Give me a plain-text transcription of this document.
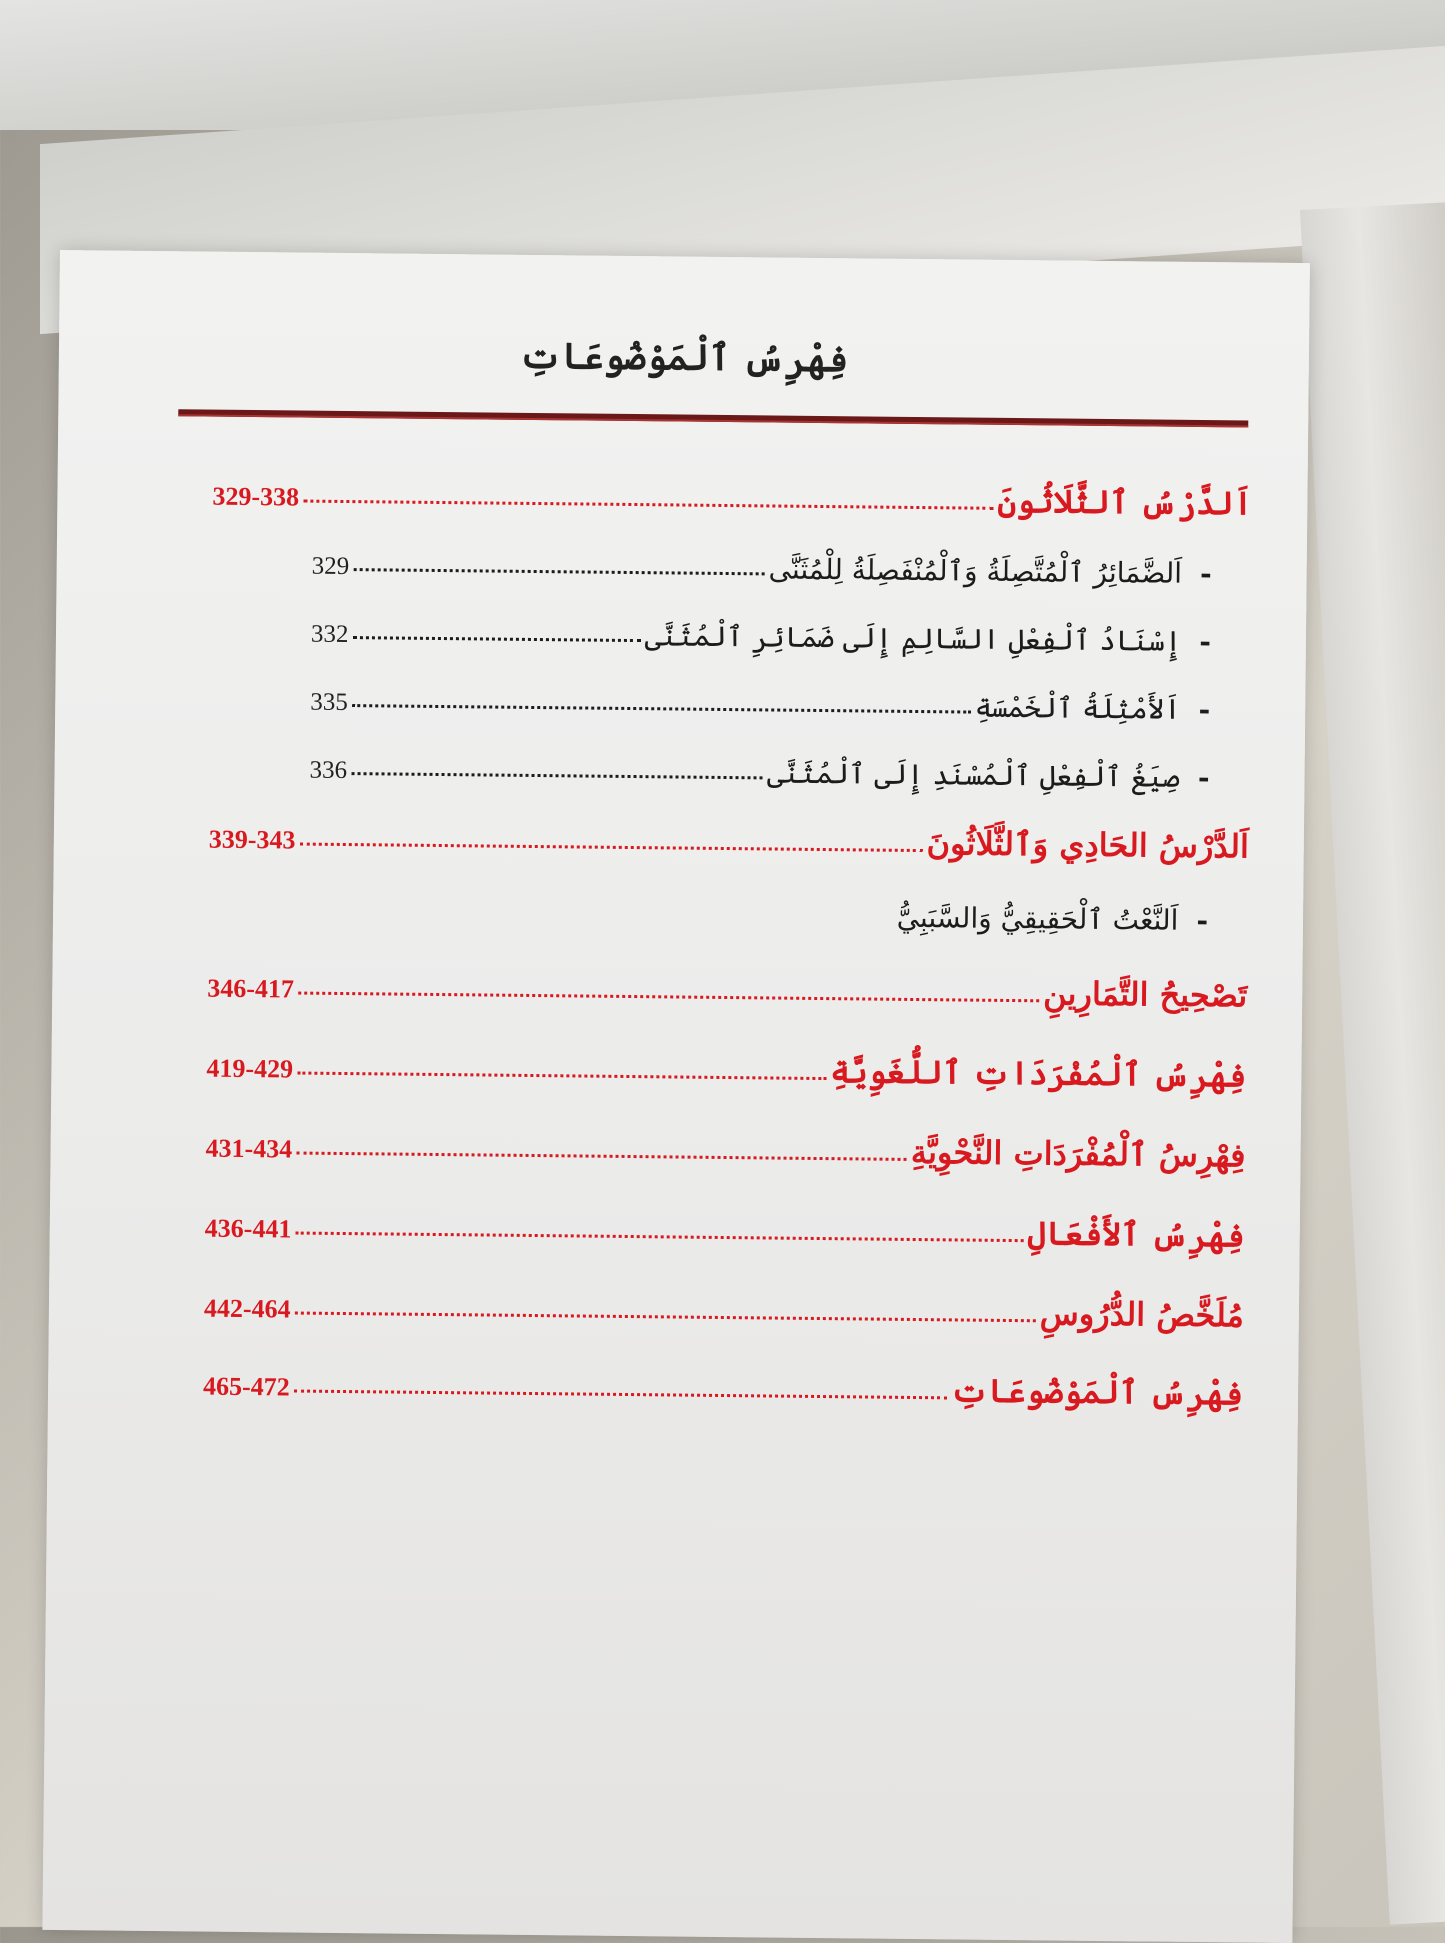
فِهْرِسُ ٱلْمَوْضُوعَاتِ
اَلدَّرْسُ ٱلثَّلَاثُونَ
329-338
-
اَلضَّمَائِرُ ٱلْمُتَّصِلَةُ وَٱلْمُنْفَصِلَةُ لِلْمُثَنَّى
329
-
إِسْنَادُ ٱلْفِعْلِ السَّالِمِ إِلَى ضَمَائِرِ ٱلْمُثَنَّى
332
-
اَلأَمْثِلَةُ ٱلْخَمْسَةِ
335
-
صِيَغُ ٱلْفِعْلِ ٱلْمُسْنَدِ إِلَى ٱلْمُثَنَّى
336
اَلدَّرْسُ الحَادِي وَٱلثَّلَاثُونَ
339-343
-
اَلنَّعْتُ ٱلْحَقِيقِيُّ وَالسَّبَبِيُّ
تَصْحِيحُ التَّمَارِينِ
346-417
فِهْرِسُ ٱلْمُفْرَدَاتِ ٱللُّغَوِيَّةِ
419-429
فِهْرِسُ ٱلْمُفْرَدَاتِ النَّحْوِيَّةِ
431-434
فِهْرِسُ ٱلأَفْعَالِ
436-441
مُلَخَّصُ الدُّرُوسِ
442-464
فِهْرِسُ ٱلْمَوْضُوعَاتِ
465-472
